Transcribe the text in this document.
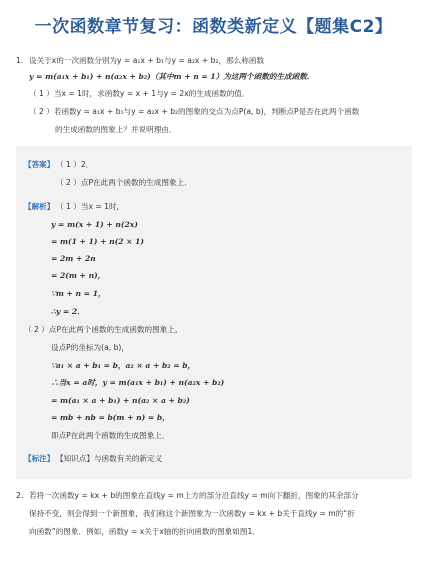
一次函数章节复习：函数类新定义【题集C2】
1. 设关于x的一次函数分别为y = a₁x + b₁与y = a₂x + b₂，那么称函数
y = m(a₁x + b₁) + n(a₂x + b₂)（其中m + n = 1）为这两个函数的生成函数．
（ 1 ）当x = 1时，求函数y = x + 1与y = 2x的生成函数的值．
（ 2 ）若函数y = a₁x + b₁与y = a₂x + b₂的图象的交点为点P(a, b)，判断点P是否在此两个函数
的生成函数的图象上？并说明理由．
【答案】 （ 1 ）2．
（ 2 ）点P在此两个函数的生成图象上．
【解析】 （ 1 ）当x = 1时，
y = m(x + 1) + n(2x)
= m(1 + 1) + n(2 × 1)
= 2m + 2n
= 2(m + n)，
∵m + n = 1，
∴y = 2．
（ 2 ）点P在此两个函数的生成函数的图象上，
设点P的坐标为(a, b)，
∵a₁ × a + b₁ = b，a₂ × a + b₂ = b，
∴当x = a时，y = m(a₁x + b₁) + n(a₂x + b₂)
= m(a₁ × a + b₁) + n(a₂ × a + b₂)
= mb + nb = b(m + n) = b，
即点P在此两个函数的生成图象上．
【标注】 【知识点】与函数有关的新定义
2. 若将一次函数y = kx + b的图象在直线y = m上方的部分沿直线y = m向下翻折，图象的其余部分
保持不变，则会得到一个新图象，我们称这个新图象为一次函数y = kx + b关于直线y = m的“折
向函数”的图象．例如，函数y = x关于x轴的折向函数的图象如图1．
